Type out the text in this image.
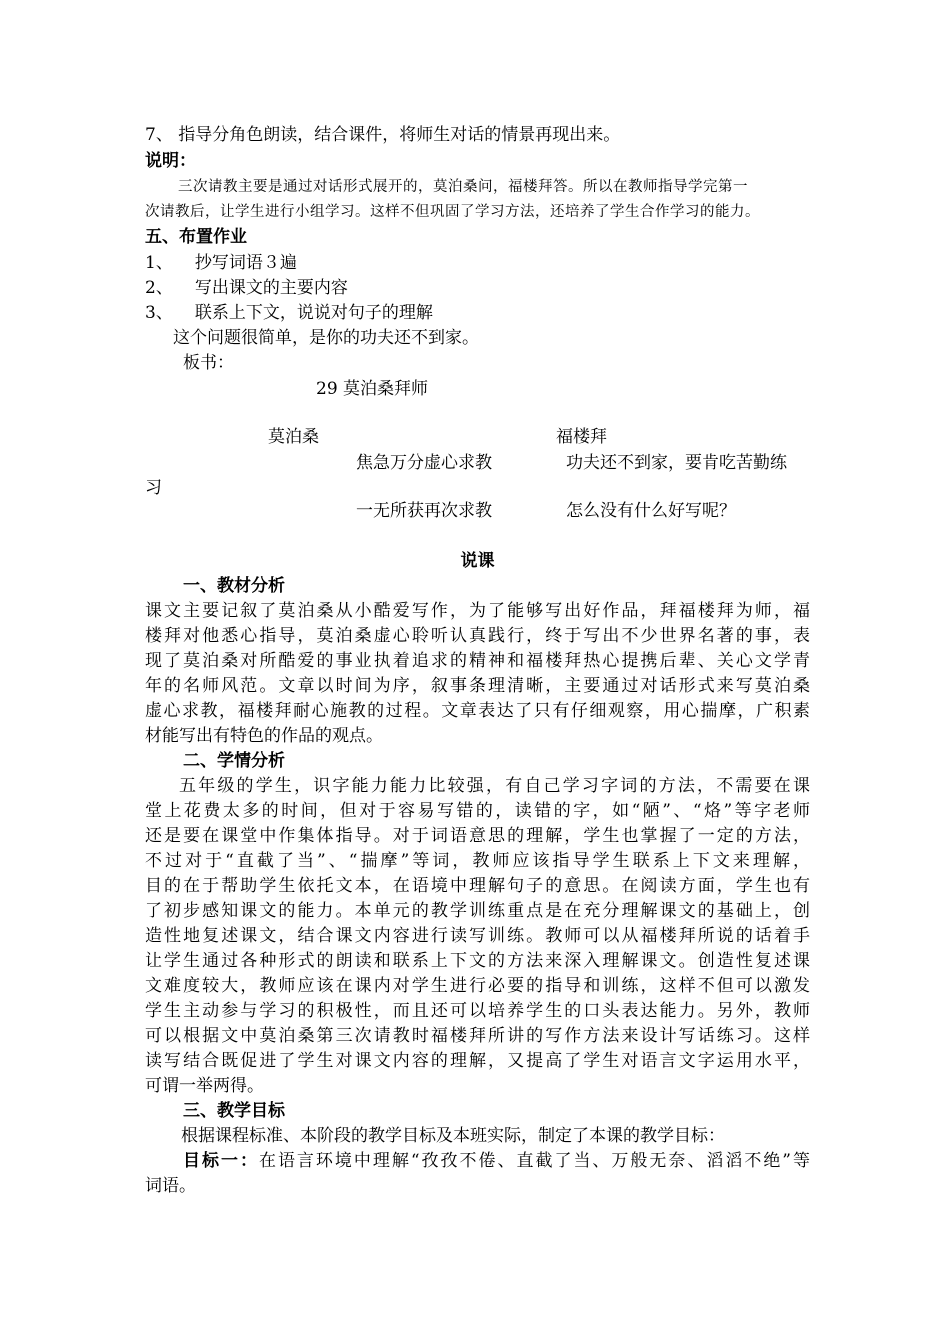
7、 指导分角色朗读，结合课件，将师生对话的情景再现出来。
说明：
三次请教主要是通过对话形式展开的，莫泊桑问，福楼拜答。所以在教师指导学完第一
次请教后，让学生进行小组学习。这样不但巩固了学习方法，还培养了学生合作学习的能力。
五、布置作业
1、 抄写词语３遍
2、 写出课文的主要内容
3、 联系上下文，说说对句子的理解
这个问题很简单，是你的功夫还不到家。
板书：
29 莫泊桑拜师
莫泊桑	福楼拜
焦急万分虚心求教	功夫还不到家，要肯吃苦勤练
习
一无所获再次求教	怎么没有什么好写呢？
说课
一、教材分析
课文主要记叙了莫泊桑从小酷爱写作，为了能够写出好作品，拜福楼拜为师，福
楼拜对他悉心指导，莫泊桑虚心聆听认真践行，终于写出不少世界名著的事，表
现了莫泊桑对所酷爱的事业执着追求的精神和福楼拜热心提携后辈、关心文学青
年的名师风范。文章以时间为序，叙事条理清晰，主要通过对话形式来写莫泊桑
虚心求教，福楼拜耐心施教的过程。文章表达了只有仔细观察，用心揣摩，广积素
材能写出有特色的作品的观点。
二、学情分析
五年级的学生，识字能力能力比较强，有自己学习字词的方法，不需要在课
堂上花费太多的时间，但对于容易写错的，读错的字，如“陋”、“烙”等字老师
还是要在课堂中作集体指导。对于词语意思的理解，学生也掌握了一定的方法，
不过对于“直截了当”、“揣摩”等词，教师应该指导学生联系上下文来理解，
目的在于帮助学生依托文本，在语境中理解句子的意思。在阅读方面，学生也有
了初步感知课文的能力。本单元的教学训练重点是在充分理解课文的基础上，创
造性地复述课文，结合课文内容进行读写训练。教师可以从福楼拜所说的话着手
让学生通过各种形式的朗读和联系上下文的方法来深入理解课文。创造性复述课
文难度较大，教师应该在课内对学生进行必要的指导和训练，这样不但可以激发
学生主动参与学习的积极性，而且还可以培养学生的口头表达能力。另外，教师
可以根据文中莫泊桑第三次请教时福楼拜所讲的写作方法来设计写话练习。这样
读写结合既促进了学生对课文内容的理解，又提高了学生对语言文字运用水平，
可谓一举两得。
三、教学目标
根据课程标准、本阶段的教学目标及本班实际，制定了本课的教学目标：
目标一：在语言环境中理解“孜孜不倦、直截了当、万般无奈、滔滔不绝”等
词语。
